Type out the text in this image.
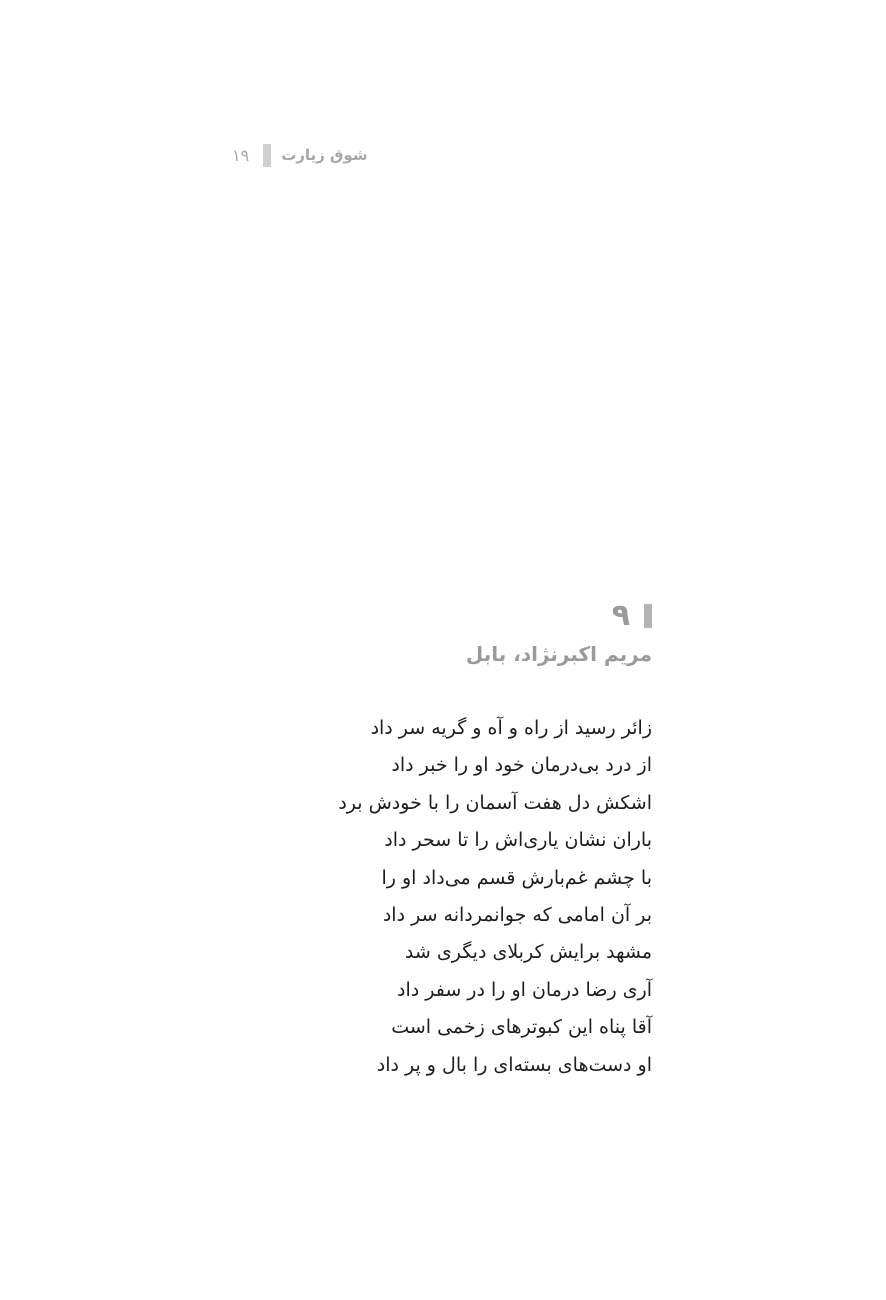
۱۹ شوق زیارت
۹
مریم اکبرنژاد، بابل
زائر رسید از راه و آه و گریه سر داد
از درد بی‌درمان خود او را خبر داد
اشکش دل هفت آسمان را با خودش برد
باران نشان یاری‌اش را تا سحر داد
با چشم غم‌بارش قسم می‌داد او را
بر آن امامی که جوانمردانه سر داد
مشهد برایش کربلای دیگری شد
آری رضا درمان او را در سفر داد
آقا پناه این کبوترهای زخمی است
او دست‌های بسته‌ای را بال و پر داد
